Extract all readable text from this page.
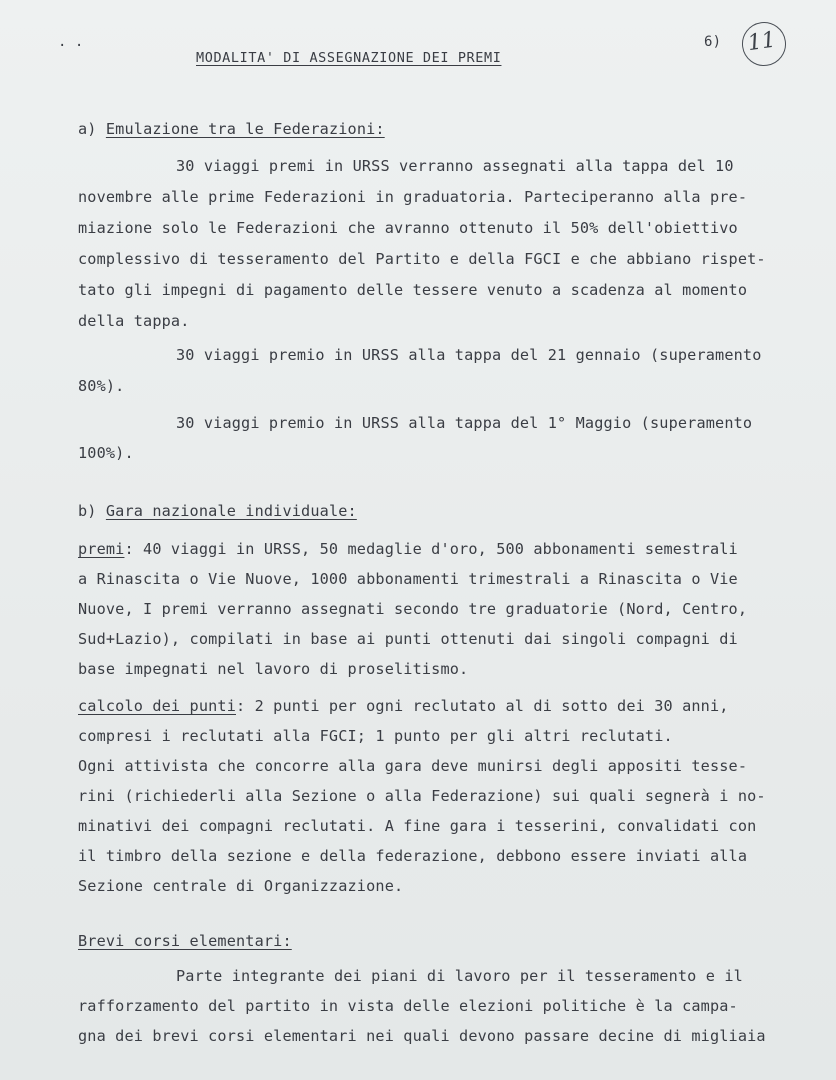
· ·	6) 11
MODALITA' DI ASSEGNAZIONE DEI PREMI
a) Emulazione tra le Federazioni:
30 viaggi premi in URSS verranno assegnati alla tappa del 10
novembre alle prime Federazioni in graduatoria. Parteciperanno alla pre-
miazione solo le Federazioni che avranno ottenuto il 50% dell'obiettivo
complessivo di tesseramento del Partito e della FGCI e che abbiano rispet-
tato gli impegni di pagamento delle tessere venuto a scadenza al momento
della tappa.
30 viaggi premio in URSS alla tappa del 21 gennaio (superamento
80%).
30 viaggi premio in URSS alla tappa del 1° Maggio (superamento
100%).
b) Gara nazionale individuale:
premi: 40 viaggi in URSS, 50 medaglie d'oro, 500 abbonamenti semestrali
a Rinascita o Vie Nuove, 1000 abbonamenti trimestrali a Rinascita o Vie
Nuove, I premi verranno assegnati secondo tre graduatorie (Nord, Centro,
Sud+Lazio), compilati in base ai punti ottenuti dai singoli compagni di
base impegnati nel lavoro di proselitismo.
calcolo dei punti: 2 punti per ogni reclutato al di sotto dei 30 anni,
compresi i reclutati alla FGCI; 1 punto per gli altri reclutati.
Ogni attivista che concorre alla gara deve munirsi degli appositi tesse-
rini (richiederli alla Sezione o alla Federazione) sui quali segnerà i no-
minativi dei compagni reclutati. A fine gara i tesserini, convalidati con
il timbro della sezione e della federazione, debbono essere inviati alla
Sezione centrale di Organizzazione.
Brevi corsi elementari:
Parte integrante dei piani di lavoro per il tesseramento e il
rafforzamento del partito in vista delle elezioni politiche è la campa-
gna dei brevi corsi elementari nei quali devono passare decine di migliaia
